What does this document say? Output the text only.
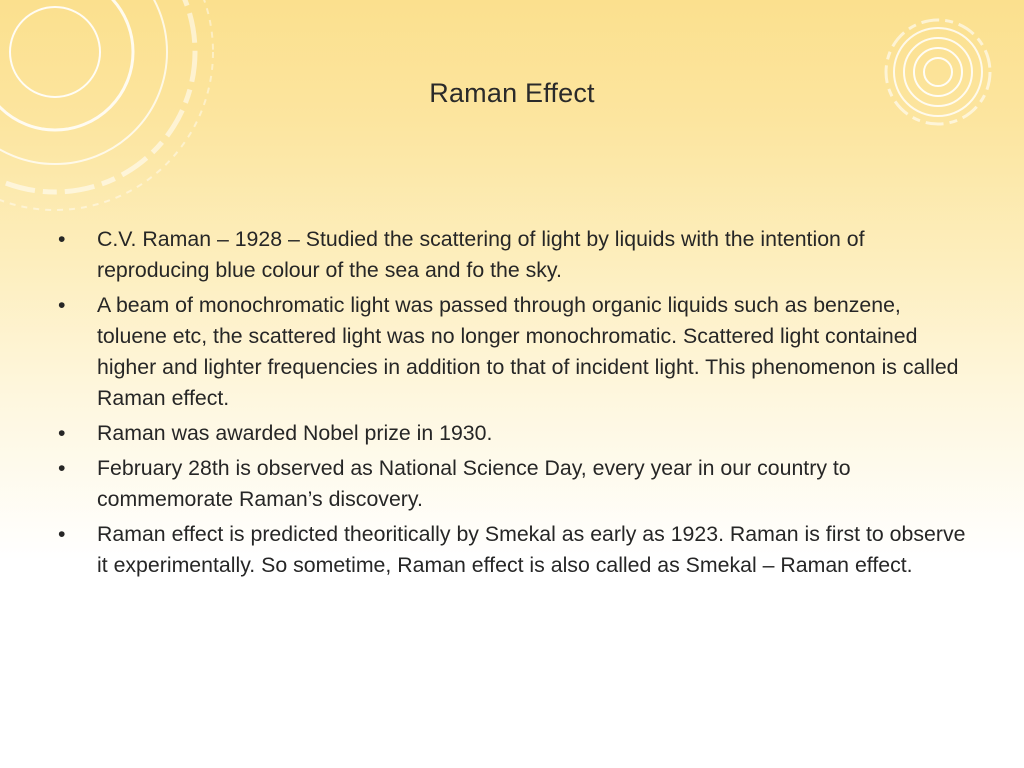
Raman Effect
•	C.V. Raman – 1928 – Studied the scattering of light by liquids with the intention of reproducing blue colour of the sea and fo the sky.
•	A beam of monochromatic light was passed through organic liquids such as benzene, toluene etc, the scattered light was no longer monochromatic. Scattered light contained higher and lighter frequencies in addition to that of incident light. This phenomenon is called Raman effect.
•	Raman was awarded Nobel prize in 1930.
•	February 28th is observed as National Science Day, every year in our country to commemorate Raman’s discovery.
•	Raman effect is predicted theoritically by Smekal as early as 1923. Raman is first to observe it experimentally. So sometime, Raman effect is also called as Smekal – Raman effect.
